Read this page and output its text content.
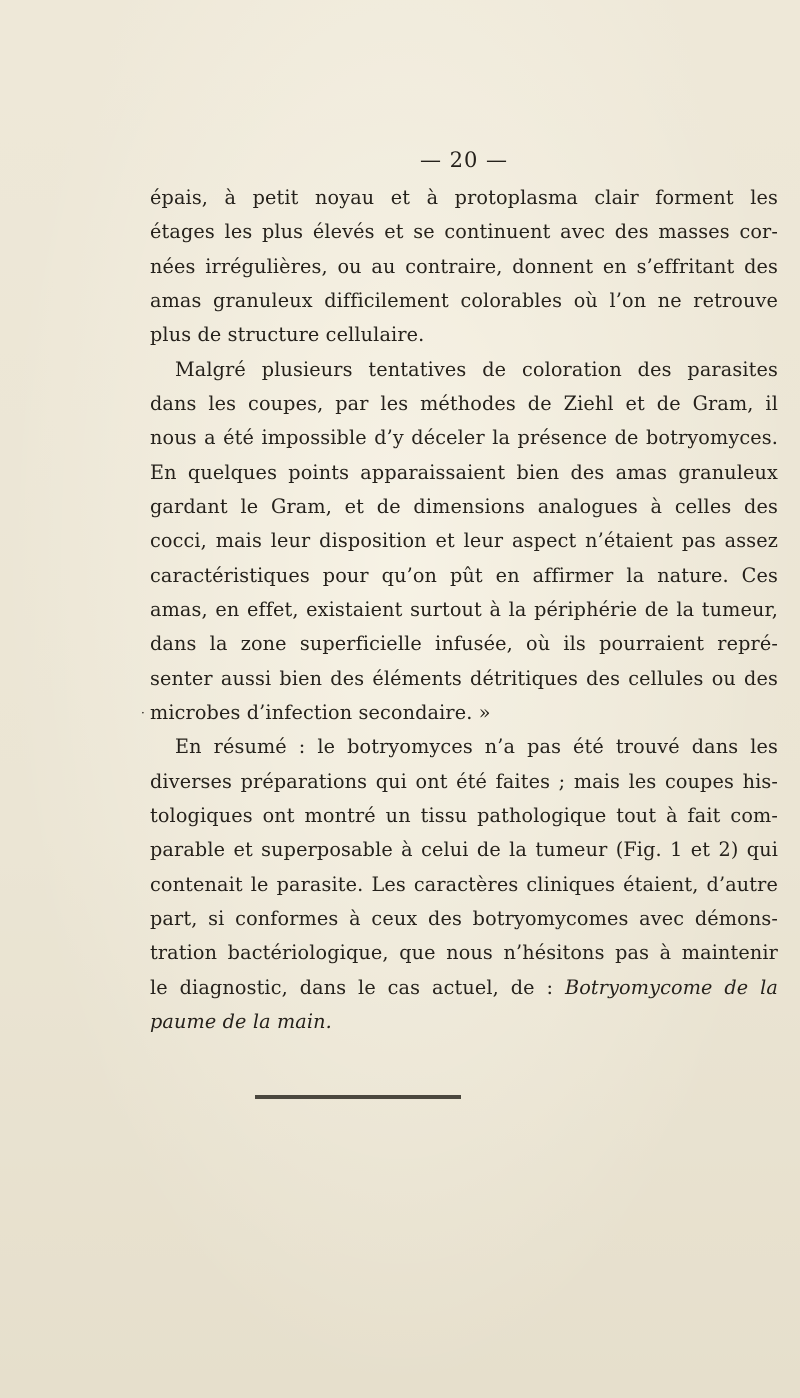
— 20 —
épais, à petit noyau et à protoplasma clair forment les
étages les plus élevés et se continuent avec des masses cor-
nées irrégulières, ou au contraire, donnent en s’effritant des
amas granuleux difficilement colorables où l’on ne retrouve
plus de structure cellulaire.
Malgré plusieurs tentatives de coloration des parasites
dans les coupes, par les méthodes de Ziehl et de Gram, il
nous a été impossible d’y déceler la présence de botryomyces.
En quelques points apparaissaient bien des amas granuleux
gardant le Gram, et de dimensions analogues à celles des
cocci, mais leur disposition et leur aspect n’étaient pas assez
caractéristiques pour qu’on pût en affirmer la nature. Ces
amas, en effet, existaient surtout à la périphérie de la tumeur,
dans la zone superficielle infusée, où ils pourraient repré-
senter aussi bien des éléments détritiques des cellules ou des
· microbes d’infection secondaire. »
En résumé : le botryomyces n’a pas été trouvé dans les
diverses préparations qui ont été faites ; mais les coupes his-
tologiques ont montré un tissu pathologique tout à fait com-
parable et superposable à celui de la tumeur (Fig. 1 et 2) qui
contenait le parasite. Les caractères cliniques étaient, d’autre
part, si conformes à ceux des botryomycomes avec démons-
tration bactériologique, que nous n’hésitons pas à maintenir
le diagnostic, dans le cas actuel, de : Botryomycome de la
paume de la main.
